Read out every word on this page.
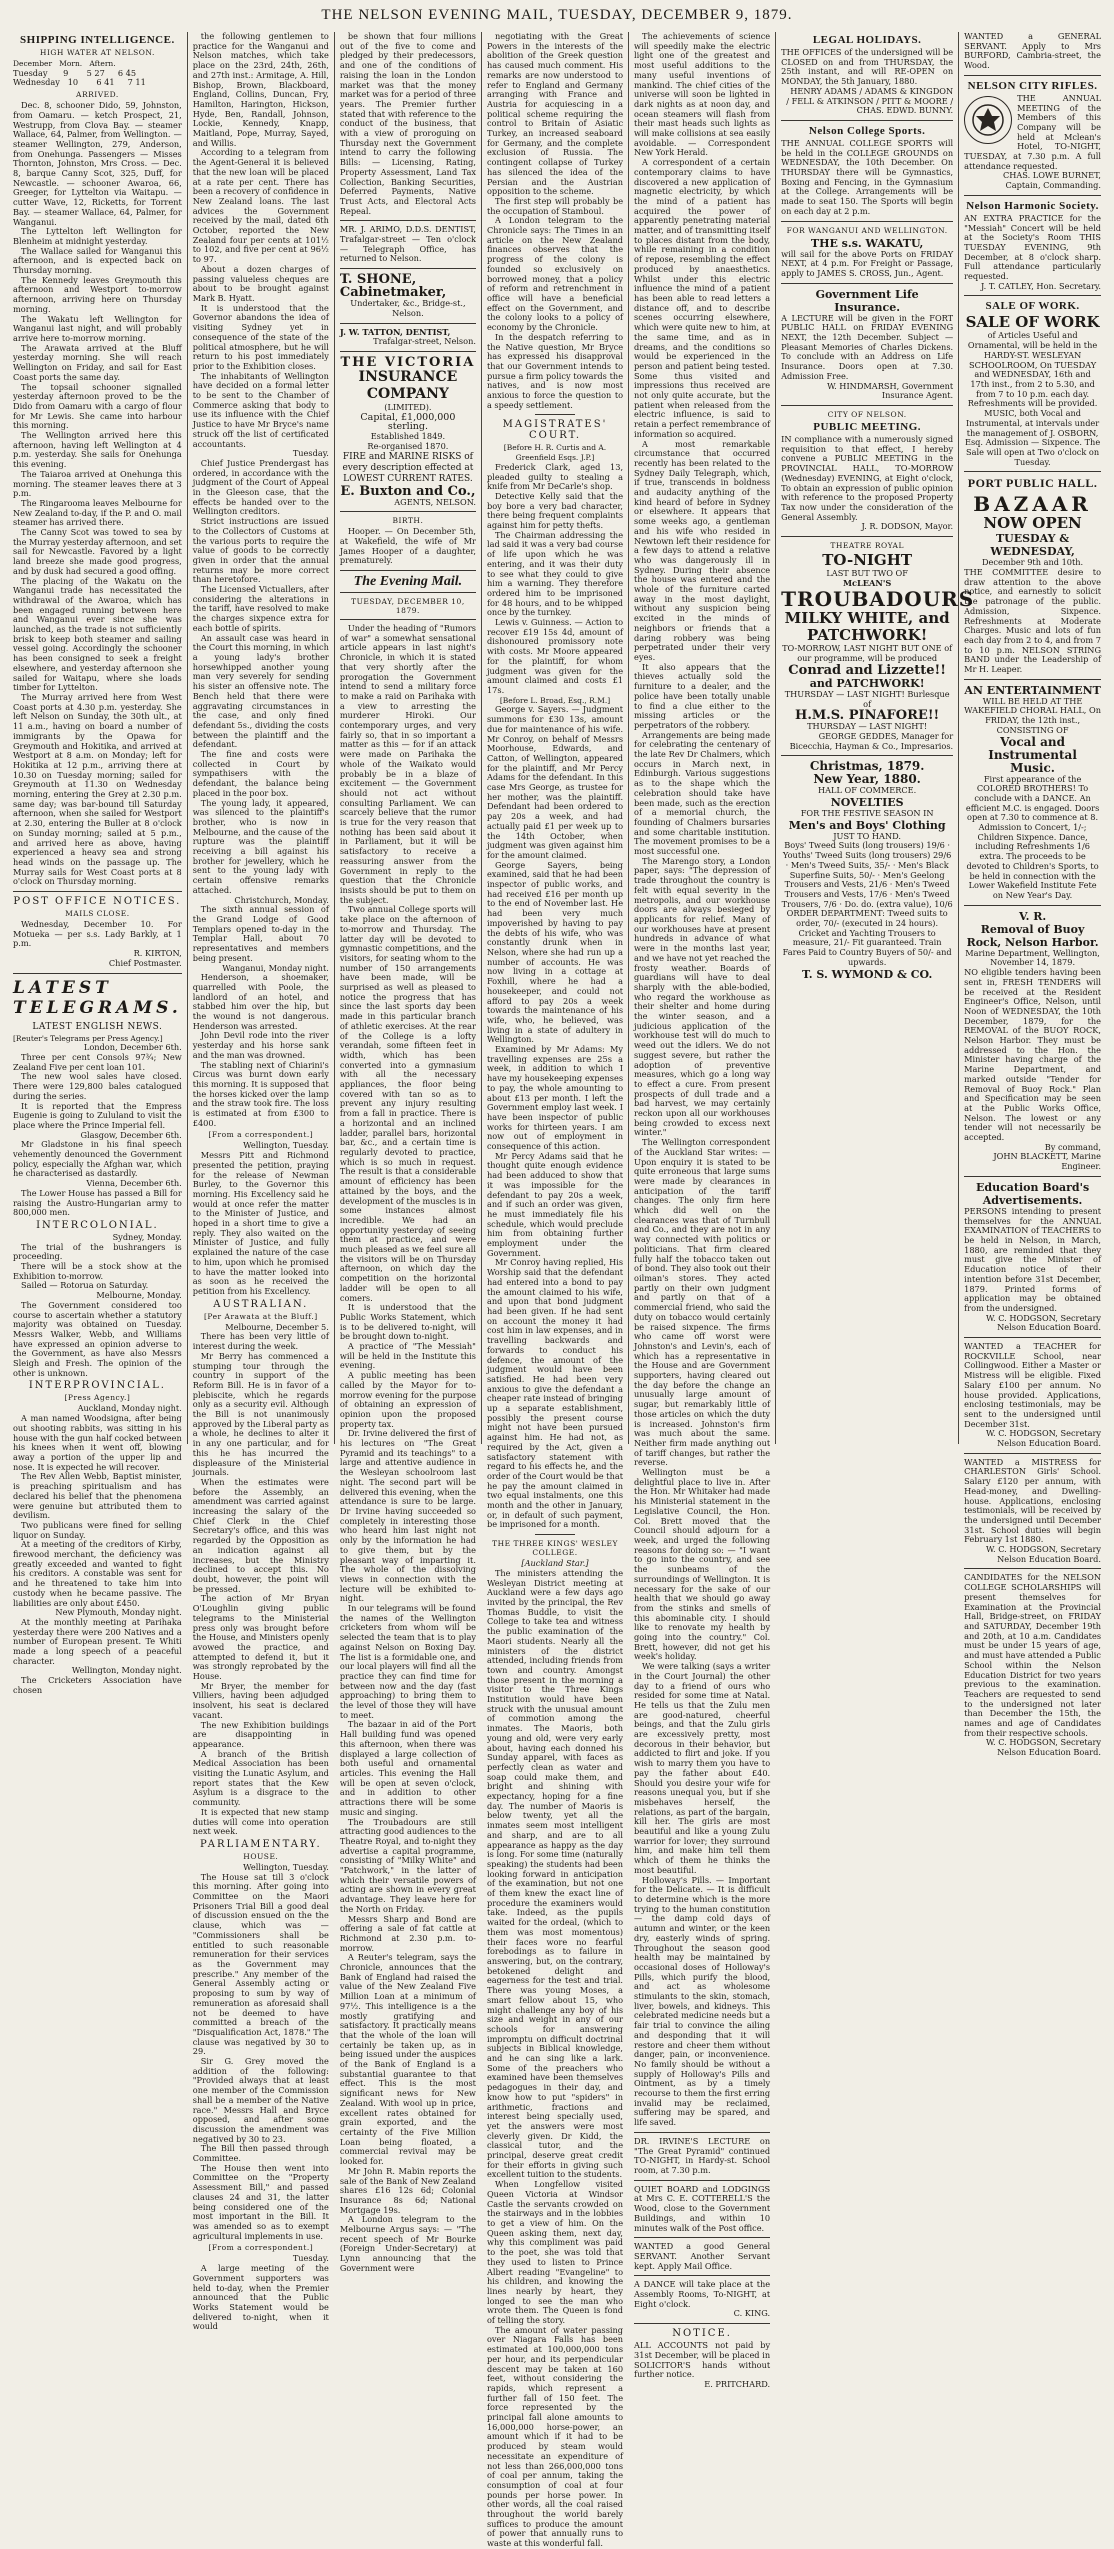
THE NELSON EVENING MAIL, TUESDAY, DECEMBER 9, 1879.
SHIPPING INTELLIGENCE.
HIGH WATER AT NELSON.

December   Morn.   Aftern.

Tuesday      9       5 27     6 45

Wednesday   10       6 41     7 11

ARRIVED.

Dec. 8, schooner Dido, 59, Johnston, from Oamaru. — ketch Prospect, 21, Westrupp, from Clova Bay. — steamer Wallace, 64, Palmer, from Wellington. — steamer Wellington, 279, Anderson, from Onehunga. Passengers — Misses Thornton, Johnston, Mrs Cross. — Dec. 8, barque Canny Scot, 325, Duff, for Newcastle. — schooner Awaroa, 66, Greeger, for Lyttelton via Waitapu. — cutter Wave, 12, Ricketts, for Torrent Bay. — steamer Wallace, 64, Palmer, for Wanganui.

The Lyttelton left Wellington for Blenheim at midnight yesterday.

The Wallace sailed for Wanganui this afternoon, and is expected back on Thursday morning.

The Kennedy leaves Greymouth this afternoon and Westport to-morrow afternoon, arriving here on Thursday morning.

The Wakatu left Wellington for Wanganui last night, and will probably arrive here to-morrow morning.

The Arawata arrived at the Bluff yesterday morning. She will reach Wellington on Friday, and sail for East Coast ports the same day.

The topsail schooner signalled yesterday afternoon proved to be the Dido from Oamaru with a cargo of flour for Mr Lewis. She came into harbour this morning.

The Wellington arrived here this afternoon, having left Wellington at 4 p.m. yesterday. She sails for Onehunga this evening.

The Taiaroa arrived at Onehunga this morning. The steamer leaves there at 3 p.m.

The Ringarooma leaves Melbourne for New Zealand to-day, if the P. and O. mail steamer has arrived there.

The Canny Scot was towed to sea by the Murray yesterday afternoon, and set sail for Newcastle. Favored by a light land breeze she made good progress, and by dusk had secured a good offing.

The placing of the Wakatu on the Wanganui trade has necessitated the withdrawal of the Awaroa, which has been engaged running between here and Wanganui ever since she was launched, as the trade is not sufficiently brisk to keep both steamer and sailing vessel going. Accordingly the schooner has been consigned to seek a freight elsewhere, and yesterday afternoon she sailed for Waitapu, where she loads timber for Lyttelton.

The Murray arrived here from West Coast ports at 4.30 p.m. yesterday. She left Nelson on Sunday, the 30th ult., at 11 a.m., having on board a number of immigrants by the Opawa for Greymouth and Hokitika, and arrived at Westport at 8 a.m. on Monday; left for Hokitika at 12 p.m., arriving there at 10.30 on Tuesday morning; sailed for Greymouth at 11.30 on Wednesday morning, entering the Grey at 2.30 p.m. same day; was bar-bound till Saturday afternoon, when she sailed for Westport at 2.30, entering the Buller at 8 o'clock on Sunday morning; sailed at 5 p.m., and arrived here as above, having experienced a heavy sea and strong head winds on the passage up. The Murray sails for West Coast ports at 8 o'clock on Thursday morning.

POST OFFICE NOTICES.
MAILS CLOSE.

Wednesday, December 10. For Motueka — per s.s. Lady Barkly, at 1 p.m.

R. KIRTON,

Chief Postmaster.

LATEST TELEGRAMS.
LATEST ENGLISH NEWS.

[Reuter's Telegrams per Press Agency.]

London, December 6th.

Three per cent Consols 97¾; New Zealand Five per cent loan 101.

The new wool sales have closed. There were 129,800 bales catalogued during the series.

It is reported that the Empress Eugenie is going to Zululand to visit the place where the Prince Imperial fell.

Glasgow, December 6th.

Mr Gladstone in his final speech vehemently denounced the Government policy, especially the Afghan war, which he characterised as dastardly.

Vienna, December 6th.

The Lower House has passed a Bill for raising the Austro-Hungarian army to 800,000 men.

INTERCOLONIAL.

Sydney, Monday.

The trial of the bushrangers is proceeding.

There will be a stock show at the Exhibition to-morrow.

Sailed — Rotorua on Saturday.

Melbourne, Monday.

The Government considered too course to ascertain whether a statutory majority was obtained on Tuesday. Messrs Walker, Webb, and Williams have expressed an opinion adverse to the Government, as have also Messrs Sleigh and Fresh. The opinion of the other is unknown.

INTERPROVINCIAL.
[Press Agency.]

Auckland, Monday night.

A man named Woodsigna, after being out shooting rabbits, was sitting in his house with the gun half cocked between his knees when it went off, blowing away a portion of the upper lip and nose. It is expected he will recover.

The Rev Allen Webb, Baptist minister, is preaching spiritualism and has declared his belief that the phenomena were genuine but attributed them to devilism.

Two publicans were fined for selling liquor on Sunday.

At a meeting of the creditors of Kirby, firewood merchant, the deficiency was greatly exceeded and wanted to fight his creditors. A constable was sent for and he threatened to take him into custody when he became passive. The liabilities are only about £450.

New Plymouth, Monday night.

At the monthly meeting at Parihaka yesterday there were 200 Natives and a number of European present. Te Whiti made a long speech of a peaceful character.

Wellington, Monday night.

The Cricketers Association have chosen

the following gentlemen to practice for the Wanganui and Nelson matches, which take place on the 23rd, 24th, 26th, and 27th inst.: Armitage, A. Hill, Bishop, Brown, Blackboard, England, Collins, Duncan, Fry, Hamilton, Harington, Hickson, Hyde, Ben, Randall, Johnson, Lockie, Kennedy, Knapp, Maitland, Pope, Murray, Sayed, and Willis.

According to a telegram from the Agent-General it is believed that the new loan will be placed at a rate per cent. There has been a recovery of confidence in New Zealand loans. The last advices the Government received by the mail, dated 6th October, reported the New Zealand four per cents at 101½ to 102, and five per cent at 96½ to 97.

About a dozen charges of passing valueless cheques are about to be brought against Mark B. Hyatt.

It is understood that the Governor abandons the idea of visiting Sydney yet in consequence of the state of the political atmosphere, but he will return to his post immediately prior to the Exhibition closes.

The inhabitants of Wellington have decided on a formal letter to be sent to the Chamber of Commerce asking that body to use its influence with the Chief Justice to have Mr Bryce's name struck off the list of certificated accountants.

Tuesday.

Chief Justice Prendergast has ordered, in accordance with the judgment of the Court of Appeal in the Gleeson case, that the effects be handed over to the Wellington creditors.

Strict instructions are issued to the Collectors of Customs at the various ports to require the value of goods to be correctly given in order that the annual returns may be more correct than heretofore.

The Licensed Victuallers, after considering the alterations in the tariff, have resolved to make the charges sixpence extra for each bottle of spirits.

An assault case was heard in the Court this morning, in which a young lady's brother horsewhipped another young man very severely for sending his sister an offensive note. The Bench held that there were aggravating circumstances in the case, and only fined defendant 5s., dividing the costs between the plaintiff and the defendant.

The fine and costs were collected in Court by sympathisers with the defendant, the balance being placed in the poor box.

The young lady, it appeared, was silenced to the plaintiff's brother, who is now in Melbourne, and the cause of the rupture was the plaintiff receiving a bill against his brother for jewellery, which he sent to the young lady with certain offensive remarks attached.

Christchurch, Monday.

The sixth annual session of the Grand Lodge of Good Templars opened to-day in the Templar Hall, about 70 representatives and members being present.

Wanganui, Monday night.

Henderson, a shoemaker, quarrelled with Poole, the landlord of an hotel, and stabbed him over the hip, but the wound is not dangerous. Henderson was arrested.

John Devil rode into the river yesterday and his horse sank and the man was drowned.

The stabling next of Chiarini's Circus was burnt down early this morning. It is supposed that the horses kicked over the lamp and the straw took fire. The loss is estimated at from £300 to £400.

[From a correspondent.]

Wellington, Tuesday.

Messrs Pitt and Richmond presented the petition, praying for the release of Newman Burley, to the Governor this morning. His Excellency said he would at once refer the matter to the Minister of Justice, and hoped in a short time to give a reply. They also waited on the Minister of Justice, and fully explained the nature of the case to him, upon which he promised to have the matter looked into as soon as he received the petition from his Excellency.

AUSTRALIAN.
[Per Arawata at the Bluff.]

Melbourne, December 5.

There has been very little of interest during the week.

Mr Berry has commenced a stumping tour through the country in support of the Reform Bill. He is in favor of a plebiscite, which he regards only as a security evil. Although the Bill is not unanimously approved by the Liberal party as a whole, he declines to alter it in any one particular, and for this he has incurred the displeasure of the Ministerial journals.

When the estimates were before the Assembly, an amendment was carried against increasing the salary of the Chief Clerk in the Chief Secretary's office, and this was regarded by the Opposition as an indication against all increases, but the Ministry declined to accept this. No doubt, however, the point will be pressed.

The action of Mr Bryan O'Loughlin giving public telegrams to the Ministerial press only was brought before the House, and Ministers openly avowed the practice, and attempted to defend it, but it was strongly reprobated by the House.

Mr Bryer, the member for Villiers, having been adjudged insolvent, his seat is declared vacant.

The new Exhibition buildings are disappointing in appearance.

A branch of the British Medical Association has been visiting the Lunatic Asylum, and report states that the Kew Asylum is a disgrace to the community.

It is expected that new stamp duties will come into operation next week.

PARLIAMENTARY.
HOUSE.

Wellington, Tuesday.

The House sat till 3 o'clock this morning. After going into Committee on the Maori Prisoners Trial Bill a good deal of discussion ensued on the the clause, which was — "Commissioners shall be entitled to such reasonable remuneration for their services as the Government may prescribe." Any member of the General Assembly acting or proposing to sum by way of remuneration as aforesaid shall not be deemed to have committed a breach of the "Disqualification Act, 1878." The clause was negatived by 30 to 29.

Sir G. Grey moved the addition of the following: "Provided always that at least one member of the Commission shall be a member of the Native race." Messrs Hall and Bryce opposed, and after some discussion the amendment was negatived by 30 to 23.

The Bill then passed through Committee.

The House then went into Committee on the "Property Assessment Bill," and passed clauses 24 and 31, the latter being considered one of the most important in the Bill. It was amended so as to exempt agricultural implements in use.

[From a correspondent.]

Tuesday.

A large meeting of the Government supporters was held to-day, when the Premier announced that the Public Works Statement would be delivered to-night, when it would

be shown that four millions out of the five to come and pledged by their predecessors, and one of the conditions of raising the loan in the London market was that the money market was for a period of three years. The Premier further stated that with reference to the conduct of the business, that with a view of proroguing on Thursday next the Government intend to carry the following Bills: — Licensing, Rating, Property Assessment, Land Tax Collection, Banking Securities, Deferred Payments, Native Trust Acts, and Electoral Acts Repeal.

MR. J. ARIMO, D.D.S. DENTIST, Trafalgar-street — Ten o'clock — Telegraph Office, has returned to Nelson.

T. SHONE, Cabinetmaker,

Undertaker, &c., Bridge-st., Nelson.

J. W. TATTON, DENTIST,

Trafalgar-street, Nelson.

THE VICTORIA
INSURANCE COMPANY

(LIMITED).

Capital, £1,000,000 sterling.

Established 1849.

Re-organised 1870.

FIRE and MARINE RISKS of every description effected at LOWEST CURRENT RATES.

E. Buxton and Co.,

AGENTS, NELSON.

BIRTH.

Hooper. — On December 5th, at Wakefield, the wife of Mr James Hooper of a daughter, prematurely.

The Evening Mail.
TUESDAY, DECEMBER 10, 1879.

Under the heading of "Rumors of war" a somewhat sensational article appears in last night's Chronicle, in which it is stated that very shortly after the prorogation the Government intend to send a military force to make a raid on Parihaka with a view to arresting the murderer Hiroki. Our contemporary urges, and very fairly so, that in so important a matter as this — for if an attack were made on Parihaka the whole of the Waikato would probably be in a blaze of excitement — the Government should not act without consulting Parliament. We can scarcely believe that the rumor is true for the very reason that nothing has been said about it in Parliament, but it will be satisfactory to receive a reassuring answer from the Government in reply to the question that the Chronicle insists should be put to them on the subject.

Two annual College sports will take place on the afternoon of to-morrow and Thursday. The latter day will be devoted to gymnastic competitions, and the visitors, for seating whom to the number of 150 arrangements have been made, will be surprised as well as pleased to notice the progress that has since the last sports day been made in this particular branch of athletic exercises. At the rear of the College is a lofty verandah, some fifteen feet in width, which has been converted into a gymnasium with all the necessary appliances, the floor being covered with tan so as to prevent any injury resulting from a fall in practice. There is a horizontal and an inclined ladder, parallel bars, horizontal bar, &c., and a certain time is regularly devoted to practice, which is so much in request. The result is that a considerable amount of efficiency has been attained by the boys, and the development of the muscles is in some instances almost incredible. We had an opportunity yesterday of seeing them at practice, and were much pleased as we feel sure all the visitors will be on Thursday afternoon, on which day the competition on the horizontal ladder will be open to all comers.

It is understood that the Public Works Statement, which is to be delivered to-night, will be brought down to-night.

A practice of "The Messiah" will be held in the Institute this evening.

A public meeting has been called by the Mayor for to-morrow evening for the purpose of obtaining an expression of opinion upon the proposed property tax.

Dr. Irvine delivered the first of his lectures on "The Great Pyramid and its teachings" to a large and attentive audience in the Wesleyan schoolroom last night. The second part will be delivered this evening, when the attendance is sure to be large. Dr Irvine having succeeded so completely in interesting those who heard him last night not only by the information he had to give them, but by the pleasant way of imparting it. The whole of the dissolving views in connection with the lecture will be exhibited to-night.

In our telegrams will be found the names of the Wellington cricketers from whom will be selected the team that is to play against Nelson on Boxing Day. The list is a formidable one, and our local players will find all the practice they can find time for between now and the day (fast approaching) to bring them to the level of those they will have to meet.

The bazaar in aid of the Port Hall building fund was opened this afternoon, when there was displayed a large collection of both useful and ornamental articles. This evening the Hall will be open at seven o'clock, and in addition to other attractions there will be some music and singing.

The Troubadours are still attracting good audiences to the Theatre Royal, and to-night they advertise a capital programme, consisting of "Milky White" and "Patchwork," in the latter of which their versatile powers of acting are shown in every great advantage. They leave here for the North on Friday.

Messrs Sharp and Bond are offering a sale of fat cattle at Richmond at 2.30 p.m. to-morrow.

A Reuter's telegram, says the Chronicle, announces that the Bank of England had raised the value of the New Zealand Five Million Loan at a minimum of 97½. This intelligence is a the mostly gratifying and satisfactory. It practically means that the whole of the loan will certainly be taken up, as in being issued under the auspices of the Bank of England is a substantial guarantee to that effect. This is the most significant news for New Zealand. With wool up in price, excellent rates obtained for grain exported, and the certainty of the Five Million Loan being floated, a commercial revival may be looked for.

Mr John R. Mabin reports the sale of the Bank of New Zealand shares £16 12s 6d; Colonial Insurance 8s 6d; National Mortgage 19s.

A London telegram to the Melbourne Argus says: — "The recent speech of Mr Bourke (Foreign Under-Secretary) at Lynn announcing that the Government were

negotiating with the Great Powers in the interests of the abolition of the Greek question has caused much comment. His remarks are now understood to refer to England and Germany arranging with France and Austria for acquiescing in a political scheme requiring the control to Britain of Asiatic Turkey, an increased seaboard for Germany, and the complete exclusion of Russia. The contingent collapse of Turkey has silenced the idea of the Persian and the Austrian opposition to the scheme.

The first step will probably be the occupation of Stamboul.

A London telegram to the Chronicle says: The Times in an article on the New Zealand finances observes that the progress of the colony is founded so exclusively on borrowed money, that a policy of reform and retrenchment in office will have a beneficial effect on the Government, and the colony looks to a policy of economy by the Chronicle.

In the despatch referring to the Native question, Mr Bryce has expressed his disapproval that our Government intends to pursue a firm policy towards the natives, and is now most anxious to force the question to a speedy settlement.

MAGISTRATES' COURT.

[Before H. R. Curtis and A. Greenfield Esqs. J.P.]

Frederick Clark, aged 13, pleaded guilty to stealing a knife from Mr DeCarle's shop.

Detective Kelly said that the boy bore a very bad character, there being frequent complaints against him for petty thefts.

The Chairman addressing the lad said it was a very bad course of life upon which he was entering, and it was their duty to see what they could to give him a warning. They therefore ordered him to be imprisoned for 48 hours, and to be whipped once by the turnkey.

Lewis v. Guinness. — Action to recover £19 15s 4d, amount of dishonoured promissory note with costs. Mr Moore appeared for the plaintiff, for whom judgment was given for the amount claimed and costs £1 17s.

[Before L. Broad, Esq., R.M.]

George v. Sayers. — Judgment summons for £30 13s, amount due for maintenance of his wife. Mr Conroy, on behalf of Messrs Moorhouse, Edwards, and Catton, of Wellington, appeared for the plaintiff, and Mr Percy Adams for the defendant. In this case Mrs George, as trustee for her mother, was the plaintiff. Defendant had been ordered to pay 20s a week, and had actually paid £1 per week up to the 14th October, when judgment was given against him for the amount claimed.

George Sayers, being examined, said that he had been inspector of public works, and had received £16 per month up to the end of November last. He had been very much impoverished by having to pay the debts of his wife, who was constantly drunk when in Nelson, where she had run up a number of accounts. He was now living in a cottage at Foxhill, where he had a housekeeper, and could not afford to pay 20s a week towards the maintenance of his wife, who, he believed, was living in a state of adultery in Wellington.

Examined by Mr Adams: My travelling expenses are 25s a week, in addition to which I have my housekeeping expenses to pay, the whole amounting to about £13 per month. I left the Government employ last week. I have been inspector of public works for thirteen years. I am now out of employment in consequence of this action.

Mr Percy Adams said that he thought quite enough evidence had been adduced to show that it was impossible for the defendant to pay 20s a week, and if such an order was given, he must immediately file his schedule, which would preclude him from obtaining further employment under the Government.

Mr Conroy having replied, His Worship said that the defendant had entered into a bond to pay the amount claimed to his wife, and upon that bond judgment had been given. If he had sent on account the money it had cost him in law expenses, and in travelling backwards and forwards to conduct his defence, the amount of the judgment would have been satisfied. He had been very anxious to give the defendant a cheaper rate instead of bringing up a separate establishment, possibly the present course might not have been pursued against him. He had not, as required by the Act, given a satisfactory statement with regard to his effects he, and the order of the Court would be that he pay the amount claimed in two equal instalments, one this month and the other in January, or, in default of such payment, be imprisoned for a month.

THE THREE KINGS' WESLEY COLLEGE.

[Auckland Star.]

The ministers attending the Wesleyan District meeting at Auckland were a few days ago invited by the principal, the Rev Thomas Buddle, to visit the College to take tea and witness the public examination of the Maori students. Nearly all the ministers of the district attended, including friends from town and country. Amongst those present in the morning a visitor to the Three Kings Institution would have been struck with the unusual amount of commotion among the inmates. The Maoris, both young and old, were very early about, having each donned his Sunday apparel, with faces as perfectly clean as water and soap could make them, and bright and shining with expectancy, hoping for a fine day. The number of Maoris is below twenty, yet all the inmates seem most intelligent and sharp, and are to all appearance as happy as the day is long. For some time (naturally speaking) the students had been looking forward in anticipation of the examination, but not one of them knew the exact line of procedure the examiners would take. Indeed, as the pupils waited for the ordeal, (which to them was most momentous) their faces wore no fearful forebodings as to failure in answering, but, on the contrary, betokened delight and eagerness for the test and trial. There was young Moses, a smart fellow about 15, who might challenge any boy of his size and weight in any of our schools for answering impromptu on difficult doctrinal subjects in Biblical knowledge, and he can sing like a lark. Some of the preachers who examined have been themselves pedagogues in their day, and know how to put "spiders" in arithmetic, fractions and interest being specially used, yet the answers were most cleverly given. Dr Kidd, the classical tutor, and the principal, deserve great credit for their efforts in giving such excellent tuition to the students.

When Longfellow visited Queen Victoria at Windsor Castle the servants crowded on the stairways and in the lobbies to get a view of him. On the Queen asking them, next day, why this compliment was paid to the poet, she was told that they used to listen to Prince Albert reading "Evangeline" to his children, and knowing the lines nearly by heart, they longed to see the man who wrote them. The Queen is fond of telling the story.

The amount of water passing over Niagara Falls has been estimated at 100,000,000 tons per hour, and its perpendicular descent may be taken at 160 feet, without considering the rapids, which represent a further fall of 150 feet. The force represented by the principal fall alone amounts to 16,000,000 horse-power, an amount which if it had to be produced by steam would necessitate an expenditure of not less than 266,000,000 tons of coal per annum, taking the consumption of coal at four pounds per horse power. In other words, all the coal raised throughout the world barely suffices to produce the amount of power that annually runs to waste at this wonderful fall.

The achievements of science will speedily make the electric light one of the greatest and most useful additions to the many useful inventions of mankind. The chief cities of the universe will soon be lighted in dark nights as at noon day, and ocean steamers will flash from their mast heads such lights as will make collisions at sea easily avoidable. — Correspondent New York Herald.

A correspondent of a certain contemporary claims to have discovered a new application of magnetic electricity, by which the mind of a patient has acquired the power of apparently penetrating material matter, and of transmitting itself to places distant from the body, while remaining in a condition of repose, resembling the effect produced by anaesthetics. Whilst under this electric influence the mind of a patient has been able to read letters a distance off, and to describe scenes occurring elsewhere, which were quite new to him, at the same time, and as in dreams, and the conditions so would be experienced in the person and patient being tested. Some thus visited and impressions thus received are not only quite accurate, but the patient when released from the electric influence, is said to retain a perfect remembrance of information so acquired.

A most remarkable circumstance that occurred recently has been related to the Sydney Daily Telegraph, which, if true, transcends in boldness and audacity anything of the kind heard of before in Sydney or elsewhere. It appears that some weeks ago, a gentleman and his wife who resided in Newtown left their residence for a few days to attend a relative who was dangerously ill in Sydney. During their absence the house was entered and the whole of the furniture carted away in the most daylight, without any suspicion being excited in the minds of neighbors or friends that a daring robbery was being perpetrated under their very eyes.

It also appears that the thieves actually sold the furniture to a dealer, and the police have been totally unable to find a clue either to the missing articles or the perpetrators of the robbery.

Arrangements are being made for celebrating the centenary of the late Rev Dr Chalmers, which occurs in March next, in Edinburgh. Various suggestions as to the shape which the celebration should take have been made, such as the erection of a memorial church, the founding of Chalmers bursaries and some charitable institution. The movement promises to be a most successful one.

The Marengo story, a London paper, says: "The depression of trade throughout the country is felt with equal severity in the metropolis, and our workhouse doors are always besieged by applicants for relief. Many of our workhouses have at present hundreds in advance of what were in the months last year, and we have not yet reached the frosty weather. Boards of guardians will have to deal sharply with the able-bodied, who regard the workhouse as their shelter and home during the winter season, and a judicious application of the workhouse test will do much to weed out the idlers. We do not suggest severe, but rather the adoption of preventive measures, which go a long way to effect a cure. From present prospects of dull trade and a bad harvest, we may certainly reckon upon all our workhouses being crowded to excess next winter."

The Wellington correspondent of the Auckland Star writes: — Upon enquiry it is stated to be quite erroneous that large sums were made by clearances in anticipation of the tariff changes. The only firm here which did well on the clearances was that of Turnbull and Co., and they are not in any way connected with politics or politicians. That firm cleared fully half the tobacco taken out of bond. They also took out their oilman's stores. They acted partly on their own judgment and partly on that of a commercial friend, who said the duty on tobacco would certainly be raised sixpence. The firms who came off worst were Johnston's and Levin's, each of which has a representative in the House and are Government supporters, having cleared out the day before the change an unusually large amount of sugar, but remarkably little of those articles on which the duty is increased. Johnston's firm was much about the same. Neither firm made anything out of tariff changes, but rather the reverse.

Wellington must be a delightful place to live in. After the Hon. Mr Whitaker had made his Ministerial statement in the Legislative Council, the Hon. Col. Brett moved that the Council should adjourn for a week, and urged the following reasons for doing so: — "I want to go into the country, and see the sunbeams of the surroundings of Wellington. It is necessary for the sake of our health that we should go away from the stinks and smells of this abominable city. I should like to renovate my health by going into the country." Col. Brett, however, did not get his week's holiday.

We were talking (says a writer in the Court Journal) the other day to a friend of ours who resided for some time at Natal. He tells us that the Zulu men are good-natured, cheerful beings, and that the Zulu girls are excessively pretty, most decorous in their behavior, but addicted to flirt and joke. If you wish to marry them you have to pay the father about £40. Should you desire your wife for reasons unequal you, but if she misbehaves herself, the relations, as part of the bargain, kill her. The girls are most beautiful and like a young Zulu warrior for lover; they surround him, and make him tell them which of them he thinks the most beautiful.

Holloway's Pills. — Important for the Delicate. — It is difficult to determine which is the more trying to the human constitution — the damp cold days of autumn and winter, or the keen dry, easterly winds of spring. Throughout the season good health may be maintained by occasional doses of Holloway's Pills, which purify the blood, and act as wholesome stimulants to the skin, stomach, liver, bowels, and kidneys. This celebrated medicine needs but a fair trial to convince the ailing and desponding that it will restore and cheer them without danger, pain, or inconvenience. No family should be without a supply of Holloway's Pills and Ointment, as by a timely recourse to them the first erring invalid may be reclaimed, suffering may be spared, and life saved.

DR. IRVINE'S LECTURE on "The Great Pyramid" continued TO-NIGHT, in Hardy-st. School room, at 7.30 p.m.

QUIET BOARD and LODGINGS at Mrs C. E. COTTERELL'S the Wood, close to the Government Buildings, and within 10 minutes walk of the Post office.

WANTED a good General SERVANT. Another Servant kept. Apply Mail Office.

A DANCE will take place at the Assembly Rooms, To-NIGHT, at Eight o'clock.

C. KING.

NOTICE.

ALL ACCOUNTS not paid by 31st December, will be placed in SOLICITOR'S hands without further notice.

E. PRITCHARD.

LEGAL HOLIDAYS.

THE OFFICES of the undersigned will be CLOSED on and from THURSDAY, the 25th instant, and will RE-OPEN on MONDAY, the 5th January, 1880.

HENRY ADAMS / ADAMS & KINGDON / FELL & ATKINSON / PITT & MOORE / CHAS. EDWD. BUNNY.

Nelson College Sports.

THE ANNUAL COLLEGE SPORTS will be held in the COLLEGE GROUNDS on WEDNESDAY, the 10th December. On THURSDAY there will be Gymnastics, Boxing and Fencing, in the Gymnasium at the College. Arrangements will be made to seat 150. The Sports will begin on each day at 2 p.m.

FOR WANGANUI AND WELLINGTON.
THE s.s. WAKATU,

will sail for the above Ports on FRIDAY NEXT, at 4 p.m. For Freight or Passage, apply to JAMES S. CROSS, Jun., Agent.

Government Life Insurance.

A LECTURE will be given in the FORT PUBLIC HALL on FRIDAY EVENING NEXT, the 12th December. Subject — Pleasant Memories of Charles Dickens. To conclude with an Address on Life Insurance. Doors open at 7.30. Admission Free.

W. HINDMARSH, Government Insurance Agent.

CITY OF NELSON.
PUBLIC MEETING.

IN compliance with a numerously signed requisition to that effect, I hereby convene a PUBLIC MEETING in the PROVINCIAL HALL, TO-MORROW (Wednesday) EVENING, at Eight o'clock, To obtain an expression of public opinion with reference to the proposed Property Tax now under the consideration of the General Assembly.

J. R. DODSON, Mayor.

THEATRE ROYAL
TO-NIGHT

LAST BUT TWO OF

McLEAN'S

TROUBADOURS
MILKY WHITE, and
PATCHWORK!

TO-MORROW, LAST NIGHT BUT ONE of our programme, will be produced

Conrad and Lizzette!!
and PATCHWORK!

THURSDAY — LAST NIGHT! Burlesque of

H.M.S. PINAFORE!!

THURSDAY — LAST NIGHT!

GEORGE GEDDES, Manager for Bicecchia, Hayman & Co., Impresarios.

Christmas, 1879.
New Year, 1880.

HALL OF COMMERCE.

NOVELTIES

FOR THE FESTIVE SEASON IN

Men's and Boys' Clothing

JUST TO HAND.

Boys' Tweed Suits (long trousers) 19/6 · Youths' Tweed Suits (long trousers) 29/6 · Men's Tweed Suits, 35/- · Men's Black Superfine Suits, 50/- · Men's Geelong Trousers and Vests, 21/6 · Men's Tweed Trousers and Vests, 17/6 · Men's Tweed Trousers, 7/6 · Do. do. (extra value), 10/6

ORDER DEPARTMENT: Tweed suits to order, 70/- (executed in 24 hours). Cricket and Yachting Trousers to measure, 21/- Fit guaranteed. Train Fares Paid to Country Buyers of 50/- and upwards.

T. S. WYMOND & CO.

WANTED a GENERAL SERVANT. Apply to Mrs BURFORD, Cambria-street, the Wood.

NELSON CITY RIFLES.

THE ANNUAL MEETING of the Members of this Company will be held at Mclean's Hotel, TO-NIGHT, TUESDAY, at 7.30 p.m. A full attendance requested.

CHAS. LOWE BURNET, Captain, Commanding.

Nelson Harmonic Society.

AN EXTRA PRACTICE for the "Messiah" Concert will be held at the Society's Room THIS TUESDAY EVENING, 9th December, at 8 o'clock sharp. Full attendance particularly requested.

J. T. CATLEY, Hon. Secretary.

SALE OF WORK.
SALE OF WORK

of Articles Useful and Ornamental, will be held in the HARDY-ST. WESLEYAN SCHOOLROOM, On TUESDAY and WEDNESDAY, 16th and 17th inst., from 2 to 5.30, and from 7 to 10 p.m. each day. Refreshments will be provided. MUSIC, both Vocal and Instrumental, at intervals under the management of J. OSBORN, Esq. Admission — Sixpence. The Sale will open at Two o'clock on Tuesday.

PORT PUBLIC HALL.
BAZAAR
NOW OPEN
TUESDAY & WEDNESDAY,

December 9th and 10th.

THE COMMITTEE desire to draw attention to the above notice, and earnestly to solicit the patronage of the public. Admission, Sixpence. Refreshments at Moderate Charges. Music and lots of fun each day from 2 to 4, and from 7 to 10 p.m. NELSON STRING BAND under the Leadership of Mr H. Leaper.

AN ENTERTAINMENT

WILL BE HELD AT THE WAKEFIELD CHORAL HALL, On FRIDAY, the 12th inst.,

CONSISTING OF

Vocal and Instrumental Music.

First appearance of the COLORED BROTHERS! To conclude with a DANCE. An efficient M.C. is engaged. Doors open at 7.30 to commence at 8. Admission to Concert, 1/-; Children Sixpence. Dance, including Refreshments 1/6 extra. The proceeds to be devoted to Children's Sports, to be held in connection with the Lower Wakefield Institute Fete on New Year's Day.

V. R.
Removal of Buoy Rock, Nelson Harbor.

Marine Department, Wellington, November 14, 1879.

NO eligible tenders having been sent in, FRESH TENDERS will be received at the Resident Engineer's Office, Nelson, until Noon of WEDNESDAY, the 10th December, 1879, for the REMOVAL of the BUOY ROCK, Nelson Harbor. They must be addressed to the Hon. the Minister having charge of the Marine Department, and marked outside "Tender for Removal of Buoy Rock." Plan and Specification may be seen at the Public Works Office, Nelson. The lowest or any tender will not necessarily be accepted.

By command,

JOHN BLACKETT, Marine Engineer.

Education Board's Advertisements.

PERSONS intending to present themselves for the ANNUAL EXAMINATION of TEACHERS to be held in Nelson, in March, 1880, are reminded that they must give the Minister of Education notice of their intention before 31st December, 1879. Printed forms of application may be obtained from the undersigned.

W. C. HODGSON, Secretary Nelson Education Board.

WANTED a TEACHER for ROCKVILLE School, near Collingwood. Either a Master or Mistress will be eligible. Fixed Salary £100 per annum. No house provided. Applications, enclosing testimonials, may be sent to the undersigned until December 31st.

W. C. HODGSON, Secretary Nelson Education Board.

WANTED a MISTRESS for CHARLESTON Girls' School. Salary £120 per annum, with Head-money, and Dwelling-house. Applications, enclosing testimonials, will be received by the undersigned until December 31st. School duties will begin February 1st 1880.

W. C. HODGSON, Secretary Nelson Education Board.

CANDIDATES for the NELSON COLLEGE SCHOLARSHIPS will present themselves for Examination at the Provincial Hall, Bridge-street, on FRIDAY and SATURDAY, December 19th and 20th, at 10 a.m. Candidates must be under 15 years of age, and must have attended a Public School within the Nelson Education District for two years previous to the examination. Teachers are requested to send to the undersigned not later than December the 15th, the names and age of Candidates from their respective schools.

W. C. HODGSON, Secretary Nelson Education Board.
